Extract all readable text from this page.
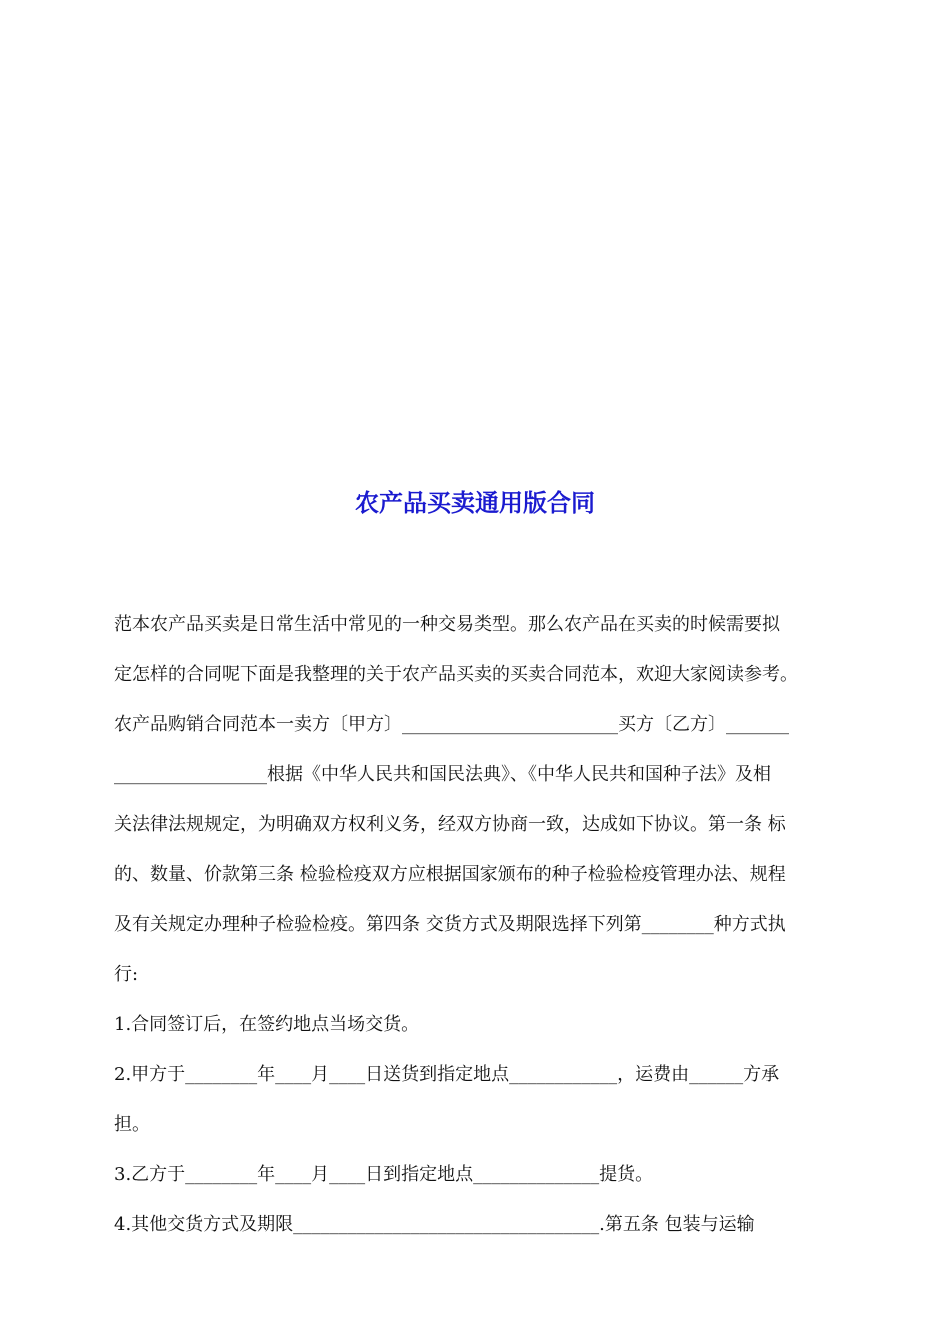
农产品买卖通用版合同
范本农产品买卖是日常生活中常见的一种交易类型。那么农产品在买卖的时候需要拟
定怎样的合同呢下面是我整理的关于农产品买卖的买卖合同范本，欢迎大家阅读参考。
农产品购销合同范本一卖方〔甲方〕________________________买方〔乙方〕_______
_________________根据《中华人民共和国民法典》、《中华人民共和国种子法》及相
关法律法规规定，为明确双方权利义务，经双方协商一致，达成如下协议。第一条 标
的、数量、价款第三条 检验检疫双方应根据国家颁布的种子检验检疫管理办法、规程
及有关规定办理种子检验检疫。第四条 交货方式及期限选择下列第________种方式执
行:
1.合同签订后，在签约地点当场交货。
2.甲方于________年____月____日送货到指定地点____________，运费由______方承
担。
3.乙方于________年____月____日到指定地点______________提货。
4.其他交货方式及期限__________________________________.第五条 包装与运输
